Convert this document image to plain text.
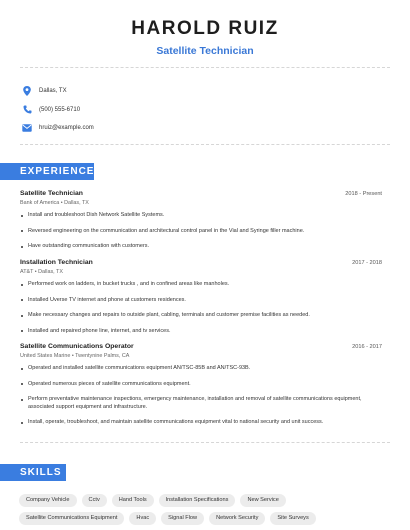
HAROLD RUIZ
Satellite Technician
Dallas, TX
(500) 555-6710
hruiz@example.com
EXPERIENCE
Satellite Technician	2018 - Present
Bank of America • Dallas, TX
Install and troubleshoot Dish Network Satellite Systems.
Reversed engineering on the communication and architectural control panel in the Vial and Syringe filler machine.
Have outstanding communication with customers.
Installation Technician	2017 - 2018
AT&T • Dallas, TX
Performed work on ladders, in bucket trucks , and in confined areas like manholes.
Installed Uverse TV internet and phone at customers residences.
Make necessary changes and repairs to outside plant, cabling, terminals and customer premise facilities as needed.
Installed and repaired phone line, internet, and tv services.
Satellite Communications Operator	2016 - 2017
United States Marine • Twentynine Palms, CA
Operated and installed satellite communications equipment AN/TSC-85B and AN/TSC-93B.
Operated numerous pieces of satellite communications equipment.
Perform preventative maintenance inspections, emergency maintenance, installation and removal of satellite communications equipment, associated support equipment and infrastructure.
Install, operate, troubleshoot, and maintain satellite communications equipment vital to national security and unit success.
SKILLS
Company Vehicle	Cctv	Hand Tools	Installation Specifications	New Service
Satellite Communications Equipment	Hvac	Signal Flow	Network Security	Site Surveys
